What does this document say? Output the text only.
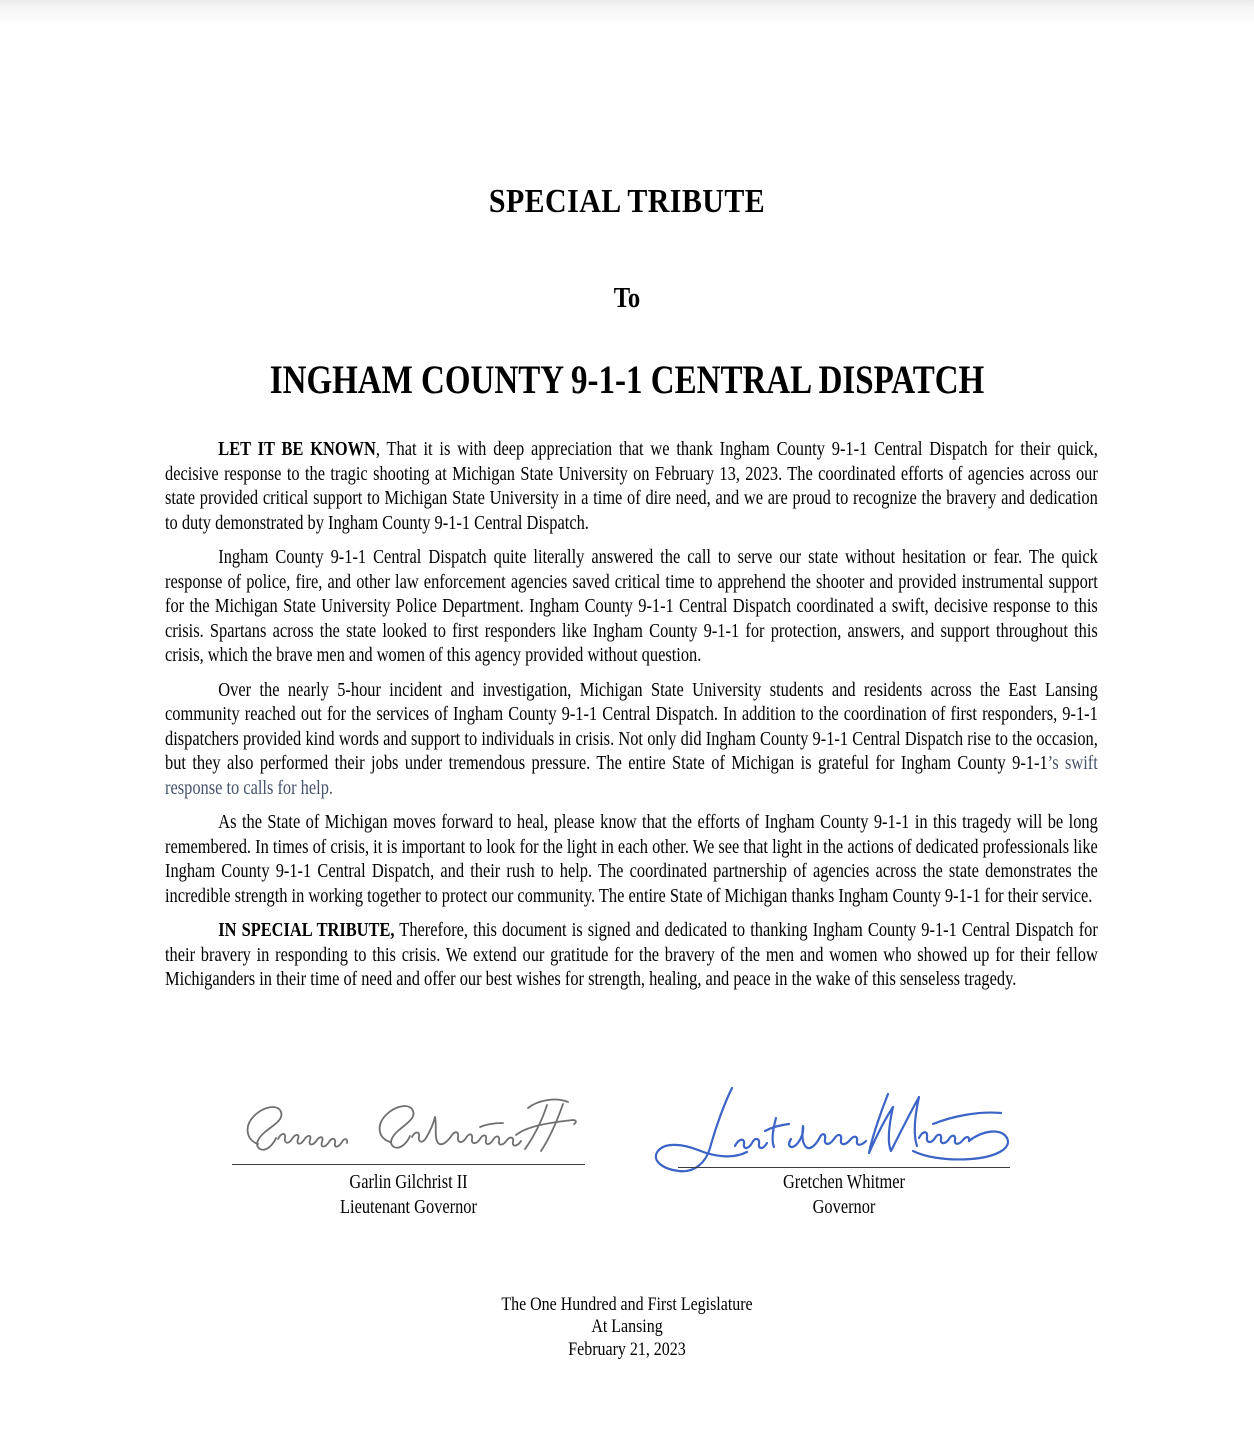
SPECIAL TRIBUTE
To
INGHAM COUNTY 9-1-1 CENTRAL DISPATCH

LET IT BE KNOWN, That it is with deep appreciation that we thank Ingham County 9-1-1 Central Dispatch for their quick, decisive response to the tragic shooting at Michigan State University on February 13, 2023. The coordinated efforts of agencies across our state provided critical support to Michigan State University in a time of dire need, and we are proud to recognize the bravery and dedication to duty demonstrated by Ingham County 9-1-1 Central Dispatch.

Ingham County 9-1-1 Central Dispatch quite literally answered the call to serve our state without hesitation or fear. The quick response of police, fire, and other law enforcement agencies saved critical time to apprehend the shooter and provided instrumental support for the Michigan State University Police Department. Ingham County 9-1-1 Central Dispatch coordinated a swift, decisive response to this crisis. Spartans across the state looked to first responders like Ingham County 9-1-1 for protection, answers, and support throughout this crisis, which the brave men and women of this agency provided without question.

Over the nearly 5-hour incident and investigation, Michigan State University students and residents across the East Lansing community reached out for the services of Ingham County 9-1-1 Central Dispatch. In addition to the coordination of first responders, 9-1-1 dispatchers provided kind words and support to individuals in crisis. Not only did Ingham County 9-1-1 Central Dispatch rise to the occasion, but they also performed their jobs under tremendous pressure. The entire State of Michigan is grateful for Ingham County 9-1-1’s swift response to calls for help.

As the State of Michigan moves forward to heal, please know that the efforts of Ingham County 9-1-1 in this tragedy will be long remembered. In times of crisis, it is important to look for the light in each other. We see that light in the actions of dedicated professionals like Ingham County 9-1-1 Central Dispatch, and their rush to help. The coordinated partnership of agencies across the state demonstrates the incredible strength in working together to protect our community. The entire State of Michigan thanks Ingham County 9-1-1 for their service.

IN SPECIAL TRIBUTE, Therefore, this document is signed and dedicated to thanking Ingham County 9-1-1 Central Dispatch for their bravery in responding to this crisis. We extend our gratitude for the bravery of the men and women who showed up for their fellow Michiganders in their time of need and offer our best wishes for strength, healing, and peace in the wake of this senseless tragedy.

Garlin Gilchrist II
Lieutenant Governor
Gretchen Whitmer
Governor
The One Hundred and First Legislature
At Lansing
February 21, 2023
